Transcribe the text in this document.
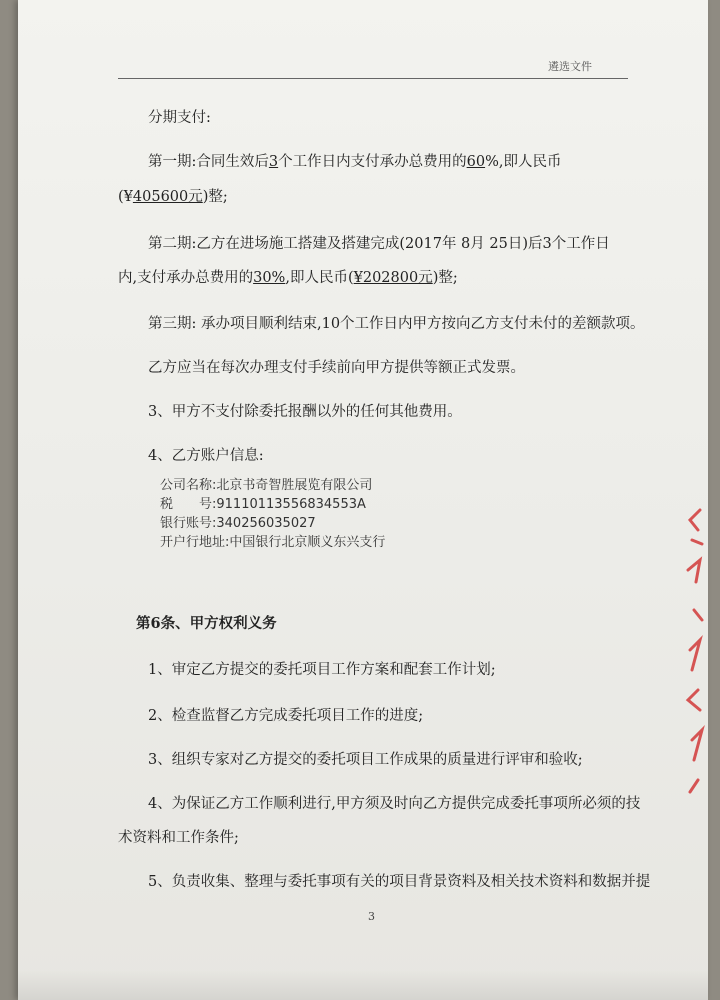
遴选文件
分期支付:
第一期:合同生效后3个工作日内支付承办总费用的60%,即人民币
(¥405600元)整;
第二期:乙方在进场施工搭建及搭建完成(2017年 8月 25日)后3个工作日
内,支付承办总费用的30%,即人民币(¥202800元)整;
第三期: 承办项目顺利结束,10个工作日内甲方按向乙方支付未付的差额款项。
乙方应当在每次办理支付手续前向甲方提供等额正式发票。
3、甲方不支付除委托报酬以外的任何其他费用。
4、乙方账户信息:
公司名称:北京书奇智胜展览有限公司
税　　号:91110113556834553A
银行账号:340256035027
开户行地址:中国银行北京顺义东兴支行
第6条、甲方权利义务
1、审定乙方提交的委托项目工作方案和配套工作计划;
2、检查监督乙方完成委托项目工作的进度;
3、组织专家对乙方提交的委托项目工作成果的质量进行评审和验收;
4、为保证乙方工作顺利进行,甲方须及时向乙方提供完成委托事项所必须的技
术资料和工作条件;
5、负责收集、整理与委托事项有关的项目背景资料及相关技术资料和数据并提
3
